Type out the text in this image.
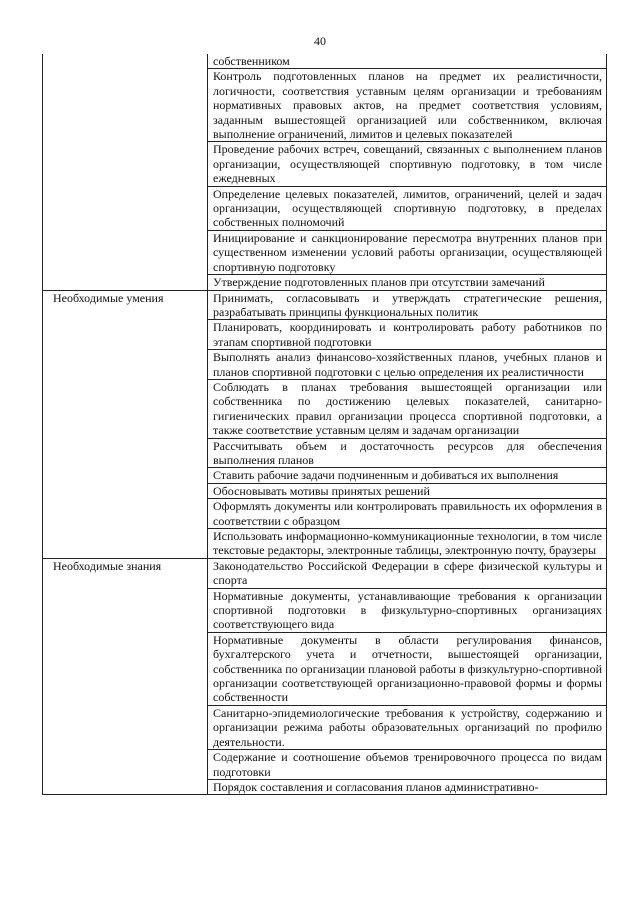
40
	собственником
	Контроль подготовленных планов на предмет их реалистичности, логичности, соответствия уставным целям организации и требованиям нормативных правовых актов, на предмет соответствия условиям, заданным вышестоящей организацией или собственником, включая выполнение ограничений, лимитов и целевых показателей
	Проведение рабочих встреч, совещаний, связанных с выполнением планов организации, осуществляющей спортивную подготовку, в том числе ежедневных
	Определение целевых показателей, лимитов, ограничений, целей и задач организации, осуществляющей спортивную подготовку, в пределах собственных полномочий
	Инициирование и санкционирование пересмотра внутренних планов при существенном изменении условий работы организации, осуществляющей спортивную подготовку
	Утверждение подготовленных планов при отсутствии замечаний
Необходимые умения	Принимать, согласовывать и утверждать стратегические решения, разрабатывать принципы функциональных политик
	Планировать, координировать и контролировать работу работников по этапам спортивной подготовки
	Выполнять анализ финансово-хозяйственных планов, учебных планов и планов спортивной подготовки с целью определения их реалистичности
	Соблюдать в планах требования вышестоящей организации или собственника по достижению целевых показателей, санитарно-гигиенических правил организации процесса спортивной подготовки, а также соответствие уставным целям и задачам организации
	Рассчитывать объем и достаточность ресурсов для обеспечения выполнения планов
	Ставить рабочие задачи подчиненным и добиваться их выполнения
	Обосновывать мотивы принятых решений
	Оформлять документы или контролировать правильность их оформления в соответствии с образцом
	Использовать информационно-коммуникационные технологии, в том числе текстовые редакторы, электронные таблицы, электронную почту, браузеры
Необходимые знания	Законодательство Российской Федерации в сфере физической культуры и спорта
	Нормативные документы, устанавливающие требования к организации спортивной подготовки в физкультурно-спортивных организациях соответствующего вида
	Нормативные документы в области регулирования финансов, бухгалтерского учета и отчетности, вышестоящей организации, собственника по организации плановой работы в физкультурно-спортивной организации соответствующей организационно-правовой формы и формы собственности
	Санитарно-эпидемиологические требования к устройству, содержанию и организации режима работы образовательных организаций по профилю деятельности.
	Содержание и соотношение объемов тренировочного процесса по видам подготовки
	Порядок составления и согласования планов административно-
